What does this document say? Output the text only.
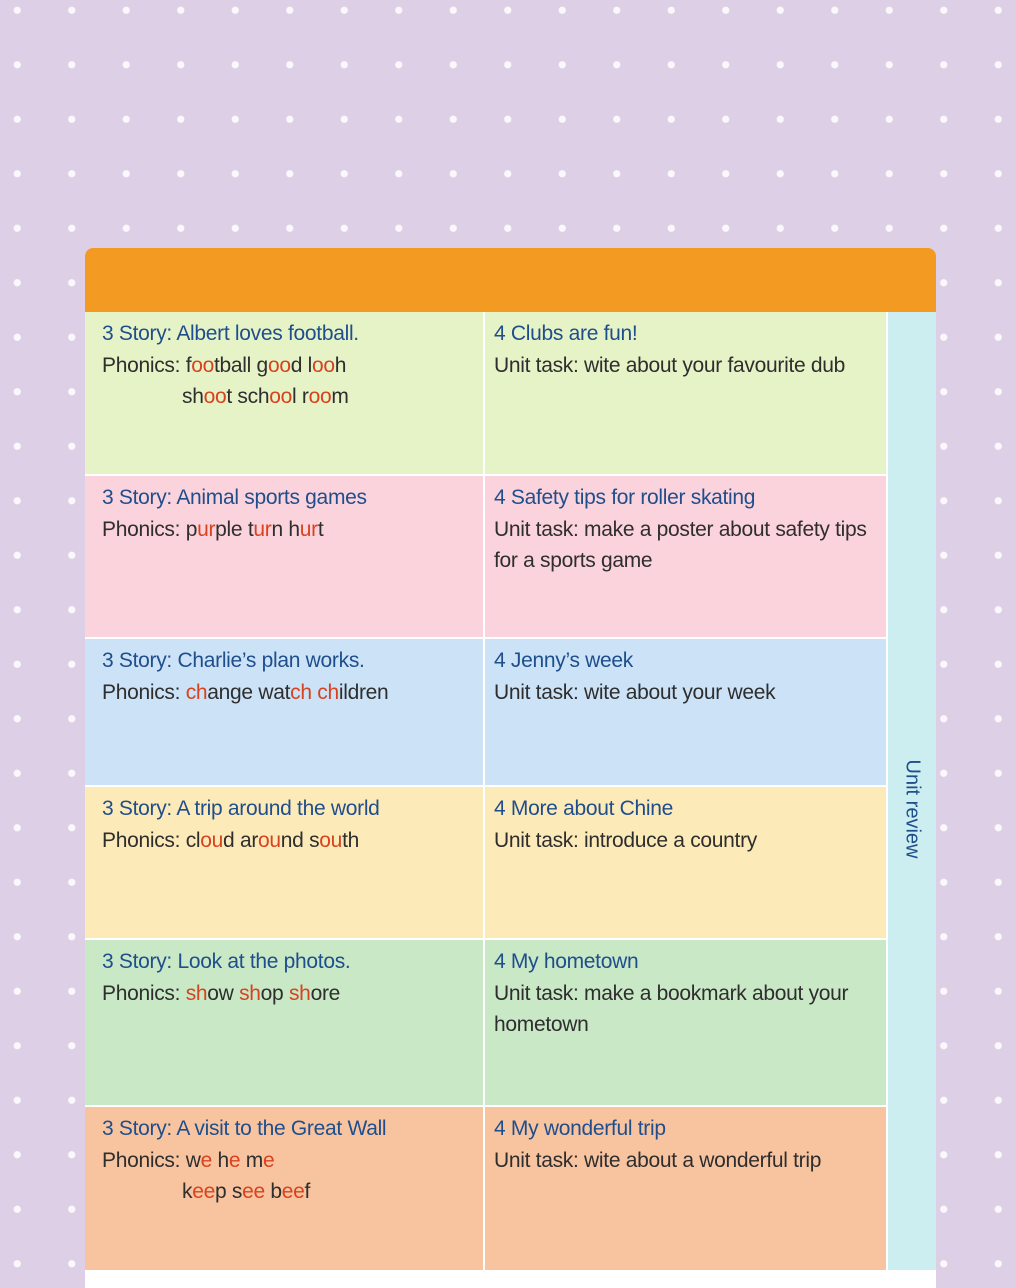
3 Story: Albert loves football.
Phonics: football good looh
shoot school room
4 Clubs are fun!
Unit task: wite about your favourite dub
3 Story: Animal sports games
Phonics: purple turn hurt
4 Safety tips for roller skating
Unit task: make a poster about safety tips
for a sports game
3 Story: Charlie’s plan works.
Phonics: change watch children
4 Jenny’s week
Unit task: wite about your week
3 Story: A trip around the world
Phonics: cloud around south
4 More about Chine
Unit task: introduce a country
3 Story: Look at the photos.
Phonics: show shop shore
4 My hometown
Unit task: make a bookmark about your
hometown
3 Story: A visit to the Great Wall
Phonics: we he me
keep see beef
4 My wonderful trip
Unit task: wite about a wonderful trip
Unit review
